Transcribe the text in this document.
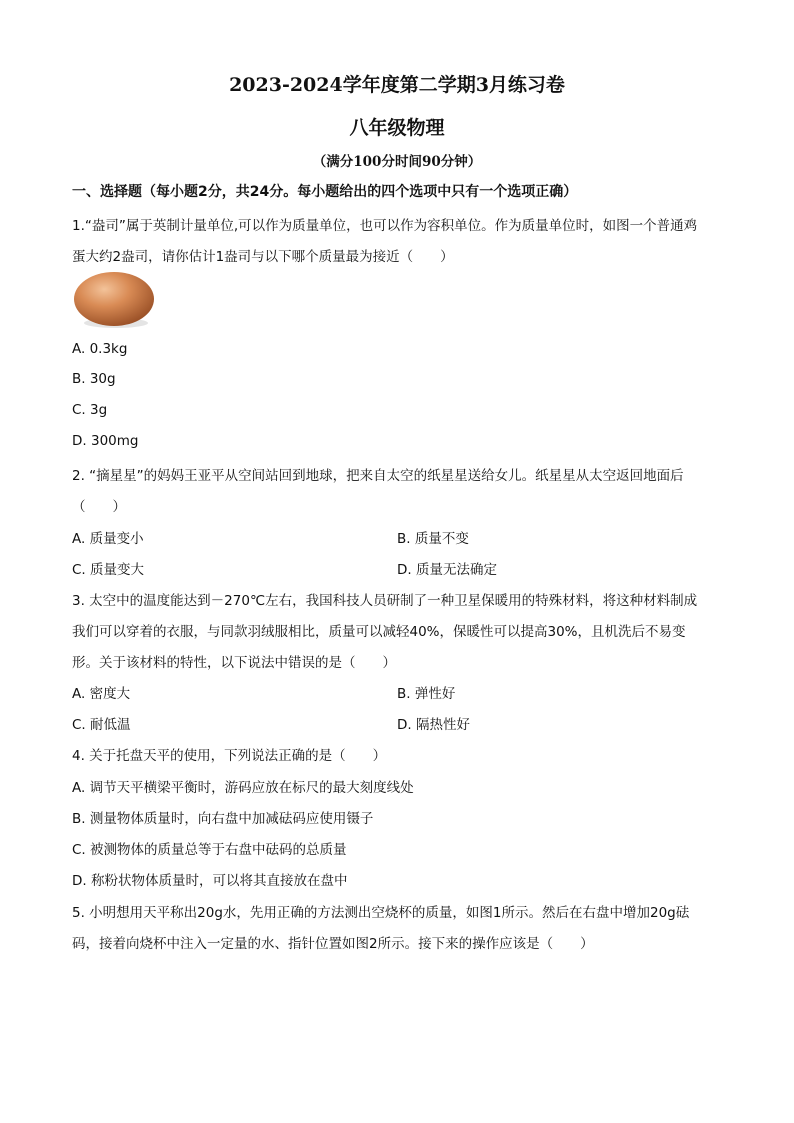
2023-2024学年度第二学期3月练习卷
八年级物理
（满分100分时间90分钟）
一、选择题（每小题2分，共24分。每小题给出的四个选项中只有一个选项正确）
1.“盎司”属于英制计量单位,可以作为质量单位，也可以作为容积单位。作为质量单位时，如图一个普通鸡
蛋大约2盎司，请你估计1盎司与以下哪个质量最为接近（　　）
A. 0.3kg
B. 30g
C. 3g
D. 300mg
2. “摘星星”的妈妈王亚平从空间站回到地球，把来自太空的纸星星送给女儿。纸星星从太空返回地面后
（　　）
A. 质量变小	B. 质量不变
C. 质量变大	D. 质量无法确定
3. 太空中的温度能达到－270℃左右，我国科技人员研制了一种卫星保暖用的特殊材料，将这种材料制成
我们可以穿着的衣服，与同款羽绒服相比，质量可以减轻40%，保暖性可以提高30%，且机洗后不易变
形。关于该材料的特性，以下说法中错误的是（　　）
A. 密度大	B. 弹性好
C. 耐低温	D. 隔热性好
4. 关于托盘天平的使用，下列说法正确的是（　　）
A. 调节天平横梁平衡时，游码应放在标尺的最大刻度线处
B. 测量物体质量时，向右盘中加减砝码应使用镊子
C. 被测物体的质量总等于右盘中砝码的总质量
D. 称粉状物体质量时，可以将其直接放在盘中
5. 小明想用天平称出20g水，先用正确的方法测出空烧杯的质量，如图1所示。然后在右盘中增加20g砝
码，接着向烧杯中注入一定量的水、指针位置如图2所示。接下来的操作应该是（　　）
